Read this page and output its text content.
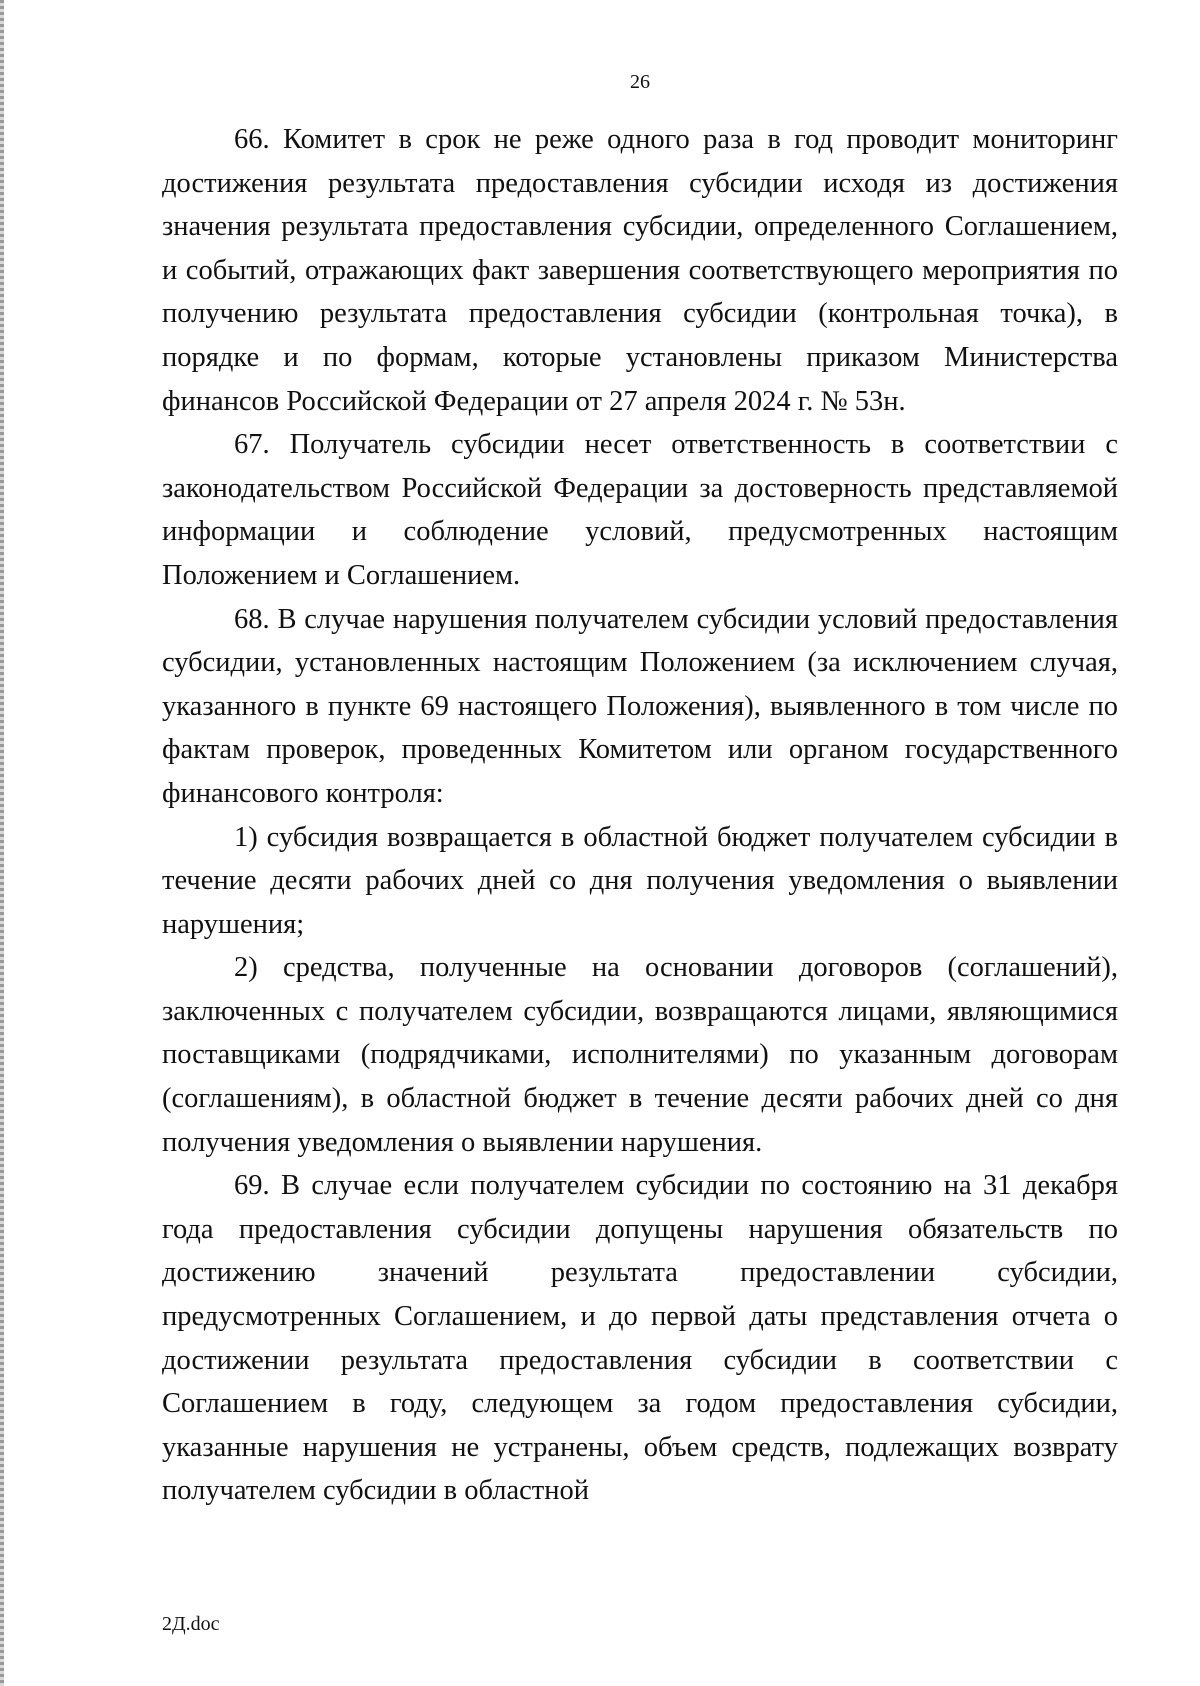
26

66. Комитет в срок не реже одного раза в год проводит мониторинг достижения результата предоставления субсидии исходя из достижения значения результата предоставления субсидии, определенного Соглашением, и событий, отражающих факт завершения соответствующего мероприятия по получению результата предоставления субсидии (контрольная точка), в порядке и по формам, которые установлены приказом Министерства финансов Российской Федерации от 27 апреля 2024 г. № 53н.

67. Получатель субсидии несет ответственность в соответствии с законодательством Российской Федерации за достоверность представляемой информации и соблюдение условий, предусмотренных настоящим Положением и Соглашением.

68. В случае нарушения получателем субсидии условий предоставления субсидии, установленных настоящим Положением (за исключением случая, указанного в пункте 69 настоящего Положения), выявленного в том числе по фактам проверок, проведенных Комитетом или органом государственного финансового контроля:

1) субсидия возвращается в областной бюджет получателем субсидии в течение десяти рабочих дней со дня получения уведомления о выявлении нарушения;

2) средства, полученные на основании договоров (соглашений), заключенных с получателем субсидии, возвращаются лицами, являющимися поставщиками (подрядчиками, исполнителями) по указанным договорам (соглашениям), в областной бюджет в течение десяти рабочих дней со дня получения уведомления о выявлении нарушения.

69. В случае если получателем субсидии по состоянию на 31 декабря года предоставления субсидии допущены нарушения обязательств по достижению значений результата предоставлении субсидии, предусмотренных Соглашением, и до первой даты представления отчета о достижении результата предоставления субсидии в соответствии с Соглашением в году, следующем за годом предоставления субсидии, указанные нарушения не устранены, объем средств, подлежащих возврату получателем субсидии в областной

2Д.doc
